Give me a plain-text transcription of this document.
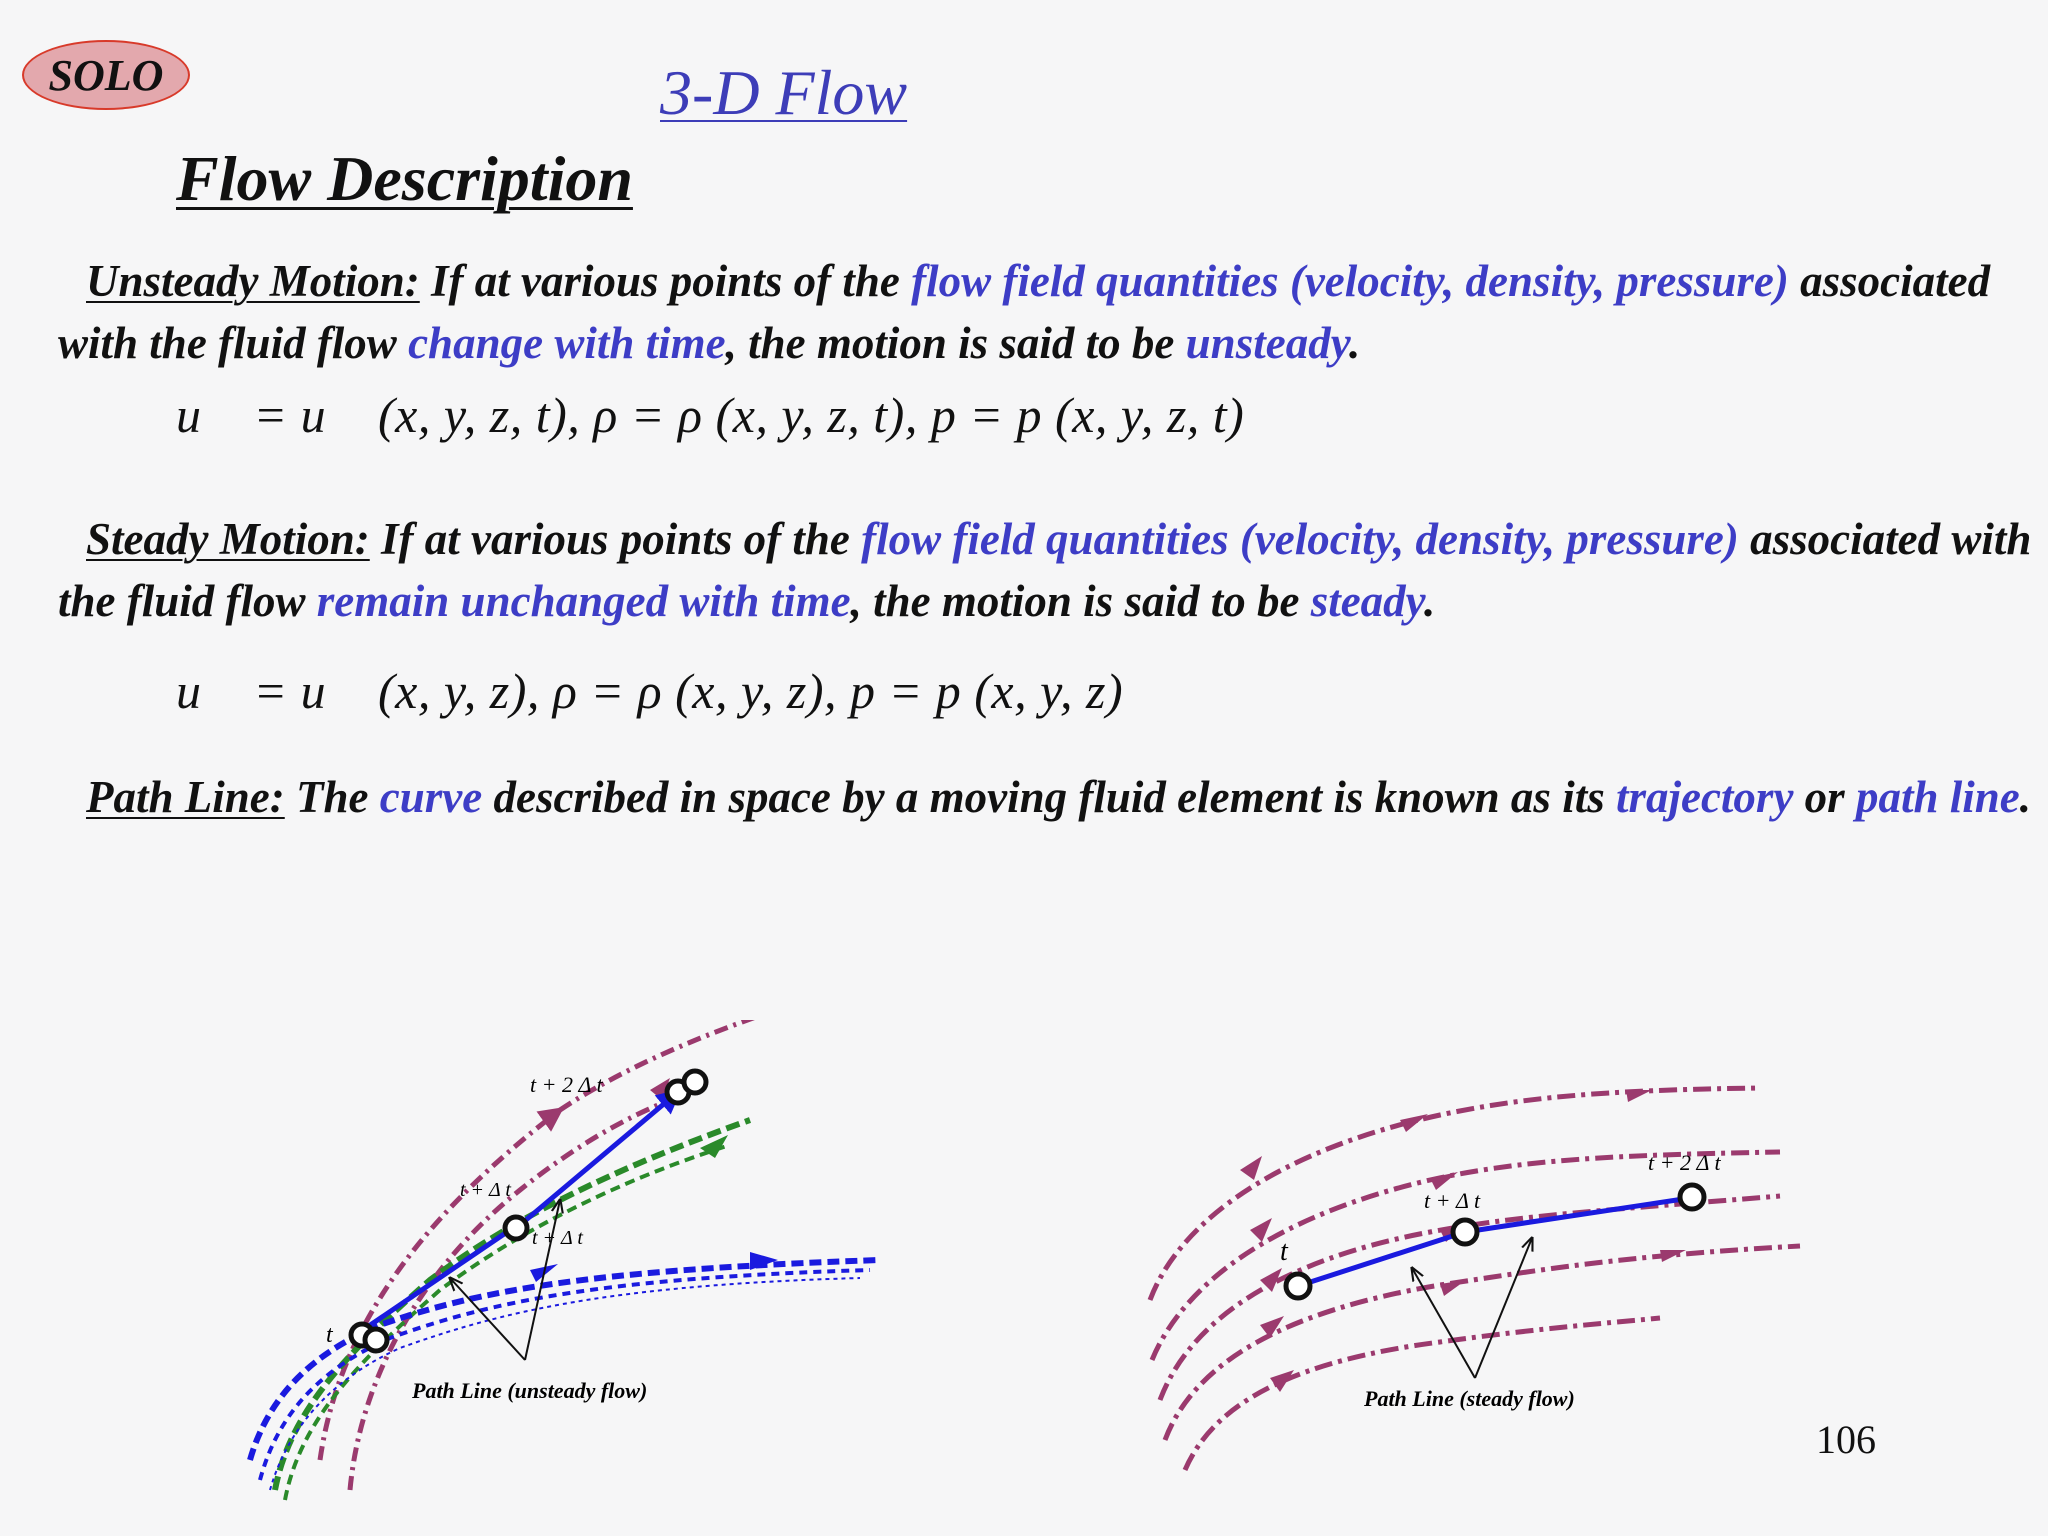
SOLO	3-D Flow
Flow Description
Unsteady Motion: If at various points of the flow field quantities (velocity, density, pressure) associated with the fluid flow change with time, the motion is said to be unsteady.
u⃗ = u⃗ (x, y, z, t), ρ = ρ (x, y, z, t), p = p (x, y, z, t)
Steady Motion: If at various points of the flow field quantities (velocity, density, pressure) associated with the fluid flow remain unchanged with time, the motion is said to be steady.
u⃗ = u⃗ (x, y, z), ρ = ρ (x, y, z), p = p (x, y, z)
Path Line: The curve described in space by a moving fluid element is known as its trajectory or path line.
t
t + Δ t
t + Δ t
t + 2 Δ t
Path Line (unsteady flow)
t
t + Δ t
t + 2 Δ t
Path Line (steady flow)
106
